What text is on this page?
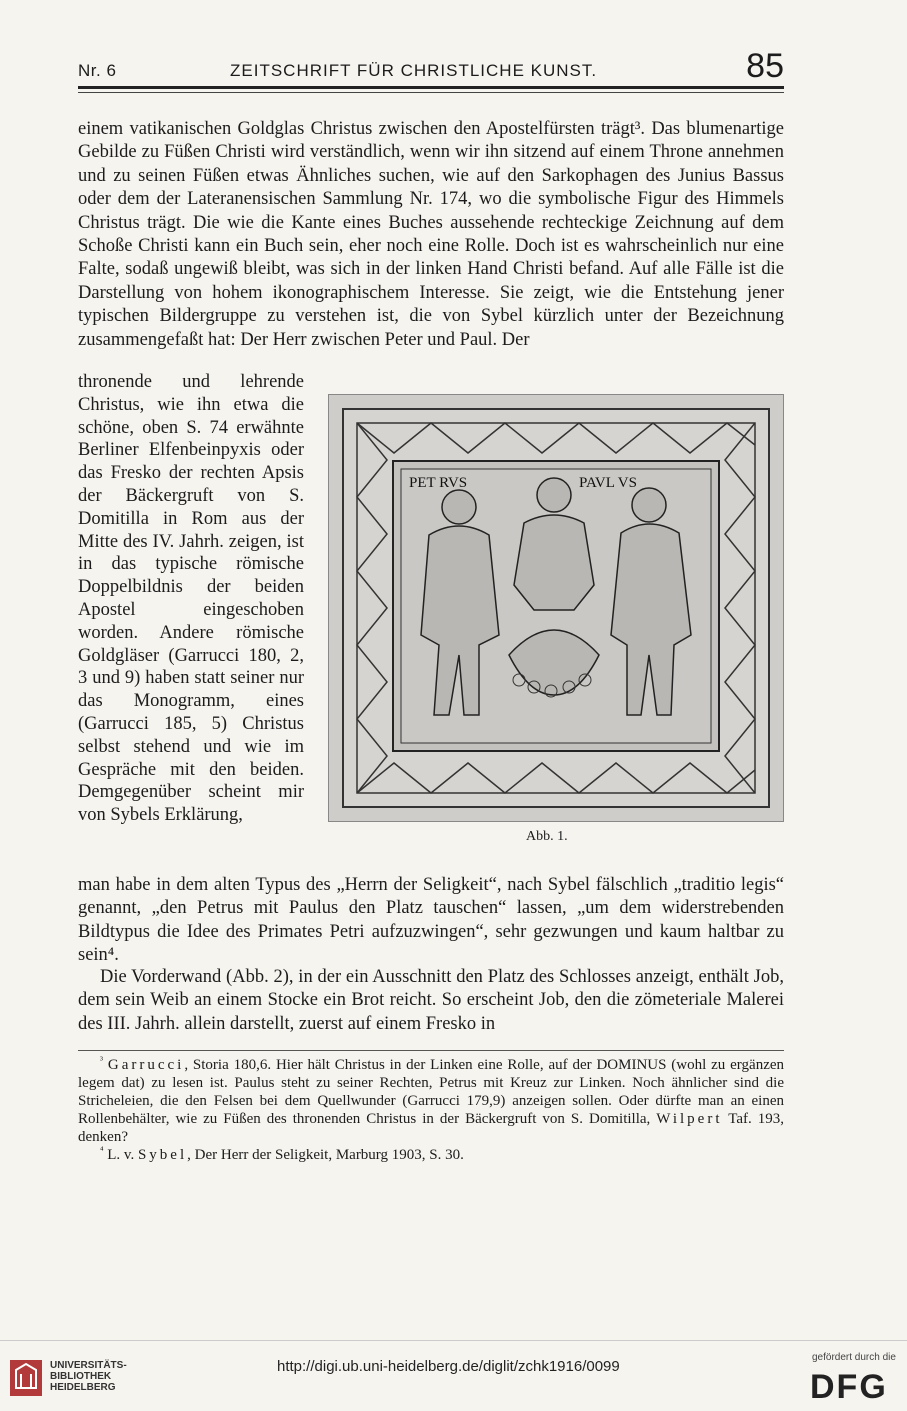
Nr. 6	ZEITSCHRIFT FÜR CHRISTLICHE KUNST.	85

einem vatikanischen Goldglas Christus zwischen den Apostelfürsten trägt³. Das blumenartige Gebilde zu Füßen Christi wird verständlich, wenn wir ihn sitzend auf einem Throne annehmen und zu seinen Füßen etwas Ähnliches suchen, wie auf den Sarkophagen des Junius Bassus oder dem der Lateranensischen Sammlung Nr. 174, wo die symbolische Figur des Himmels Christus trägt. Die wie die Kante eines Buches aussehende rechteckige Zeichnung auf dem Schoße Christi kann ein Buch sein, eher noch eine Rolle. Doch ist es wahrscheinlich nur eine Falte, sodaß ungewiß bleibt, was sich in der linken Hand Christi befand. Auf alle Fälle ist die Darstellung von hohem ikonographischem Interesse. Sie zeigt, wie die Entstehung jener typischen Bildergruppe zu verstehen ist, die von Sybel kürzlich unter der Bezeichnung zusammengefaßt hat: Der Herr zwischen Peter und Paul. Der

thronende und lehrende Christus, wie ihn etwa die schöne, oben S. 74 erwähnte Berliner Elfenbeinpyxis oder das Fresko der rechten Apsis der Bäckergruft von S. Domitilla in Rom aus der Mitte des IV. Jahrh. zeigen, ist in das typische römische Doppelbildnis der beiden Apostel eingeschoben worden. Andere römische Goldgläser (Garrucci 180, 2, 3 und 9) haben statt seiner nur das Monogramm, eines (Garrucci 185, 5) Christus selbst stehend und wie im Gespräche mit den beiden. Demgegenüber scheint mir von Sybels Erklärung,
PET RVS	PAVL VS
Abb. 1.

man habe in dem alten Typus des „Herrn der Seligkeit“, nach Sybel fälschlich „traditio legis“ genannt, „den Petrus mit Paulus den Platz tauschen“ lassen, „um dem widerstrebenden Bildtypus die Idee des Primates Petri aufzuzwingen“, sehr gezwungen und kaum haltbar zu sein⁴.

Die Vorderwand (Abb. 2), in der ein Ausschnitt den Platz des Schlosses anzeigt, enthält Job, dem sein Weib an einem Stocke ein Brot reicht. So erscheint Job, den die zömeteriale Malerei des III. Jahrh. allein darstellt, zuerst auf einem Fresko in

$^{^3}$ Garrucci, Storia 180,6. Hier hält Christus in der Linken eine Rolle, auf der DOMINUS (wohl zu ergänzen legem dat) zu lesen ist. Paulus steht zu seiner Rechten, Petrus mit Kreuz zur Linken. Noch ähnlicher sind die Stricheleien, die den Felsen bei dem Quellwunder (Garrucci 179,9) anzeigen sollen. Oder dürfte man an einen Rollenbehälter, wie zu Füßen des thronenden Christus in der Bäckergruft von S. Domitilla, Wilpert Taf. 193, denken?

$^{^4}$ L. v. Sybel, Der Herr der Seligkeit, Marburg 1903, S. 30.

UNIVERSITÄTS-
BIBLIOTHEK
HEIDELBERG
http://digi.ub.uni-heidelberg.de/diglit/zchk1916/0099
gefördert durch die
DFG
